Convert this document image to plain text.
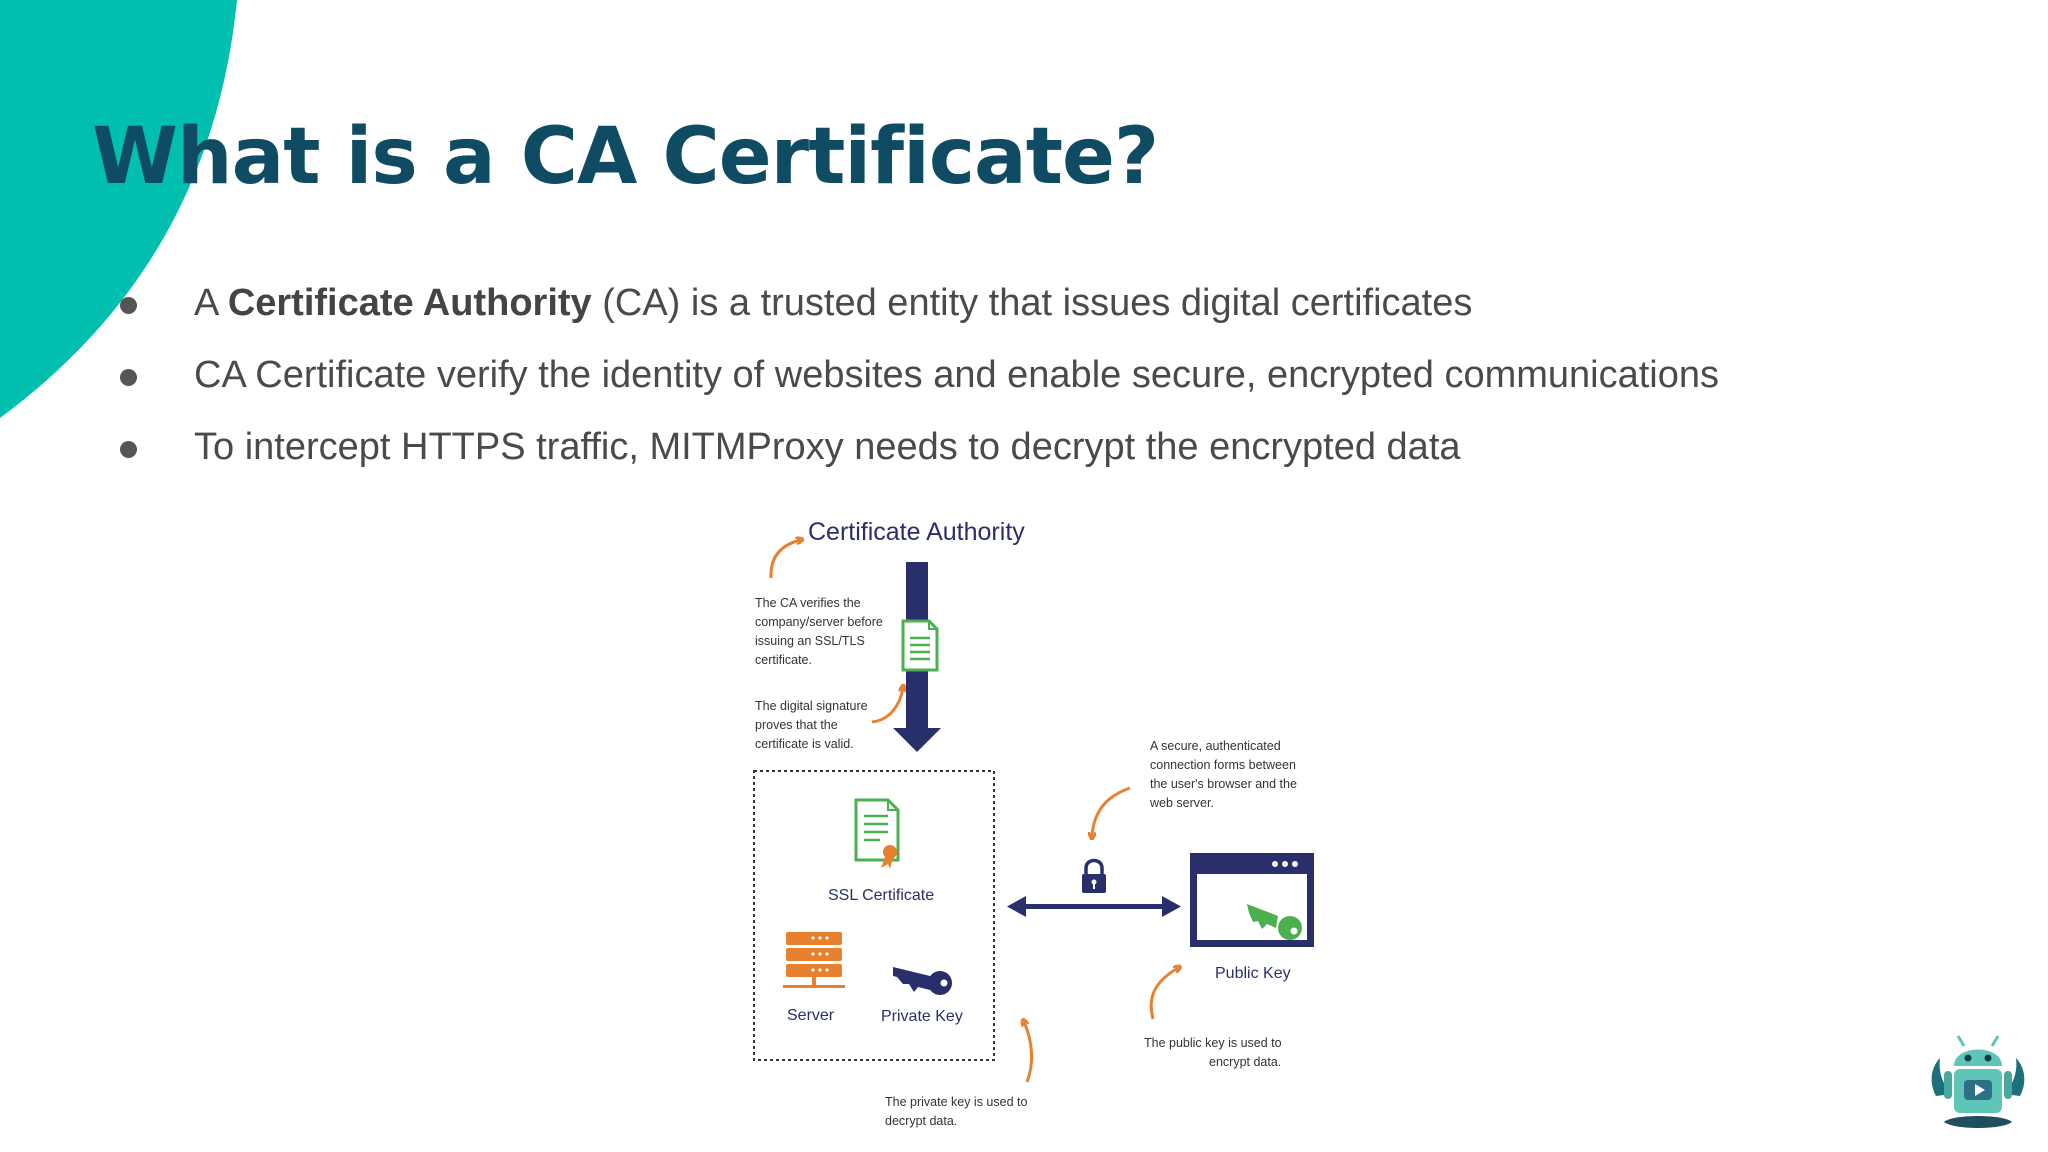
What is a CA Certificate?
A Certificate Authority (CA) is a trusted entity that issues digital certificates
CA Certificate verify the identity of websites and enable secure, encrypted communications
To intercept HTTPS traffic, MITMProxy needs to decrypt the encrypted data
Certificate Authority
The CA verifies the company/server before issuing an SSL/TLS certificate.
The digital signature proves that the certificate is valid.
SSL Certificate
Server	Private Key
A secure, authenticated connection forms between the user's browser and the web server.
Public Key
The public key is used to encrypt data.
The private key is used to decrypt data.
